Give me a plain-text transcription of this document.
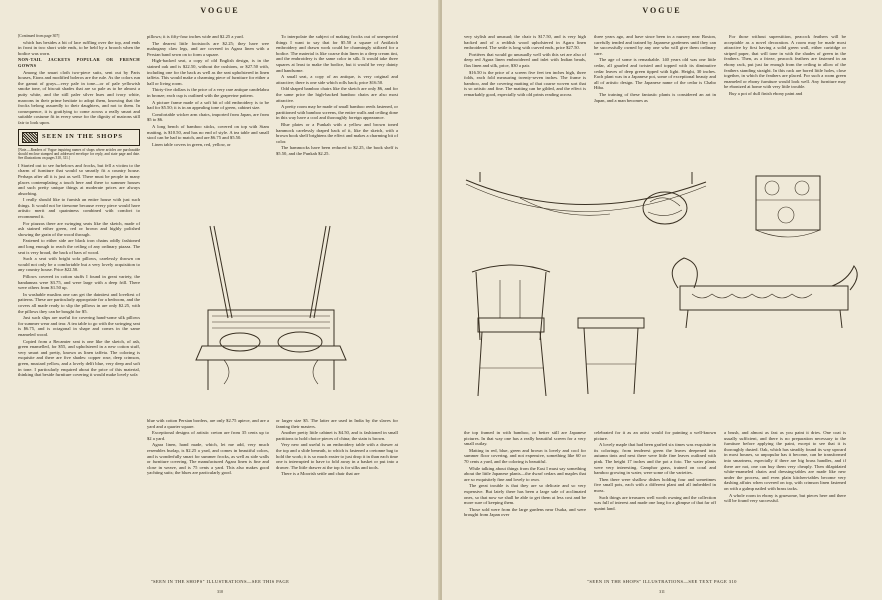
VOGUE
[Continued from page 307]

which has besides a bit of lace ruffling over the top, and ends in front in two short wide ends, to be held by a brooch when the bodice was worn.

NON-TAIL JACKETS POPULAR OR FRENCH GOWNS

Among the smart cloth two-piece suits, sent out by Paris houses, Etons and modified boleros are the rule. As the colors run the gamut of grays—very pale in tone—or of pale yellowish smoke tone, of biscuit shades that are so pale as to be almost a putty white, and the still paler silver hues and ivory white, maroons in their prime hesitate to adopt them, knowing that the frocks belong assuredly to their daughters, and not to them. In consequence, it is gratifying to come across a really smart and suitable costume fit in every sense for the dignity of matrons still fair to look upon.

SEEN IN THE SHOPS
[Note.—Readers of Vogue inquiring names of shops where articles are purchasable should enclose stamped and addressed envelope for reply, and state page and date. See illustrations on pages 310, 311.]

I Started out to see furbelows and frocks, but fell a victim to the charm of furniture that would so smartly fit a country house. Perhaps after all it is just as well. There must be people in many places contemplating a touch here and there to summer houses and such pretty unique things at moderate prices are always absorbing.

I really should like to furnish an entire house with just such things. It would not be tiresome because every piece would have artistic merit and quaintness combined with comfort to recommend it.

For piazzas there are swinging seats like the sketch, made of ash stained either green, red or brown and highly polished showing the grain of the wood through.

Fastened to either side are black iron chains oddly fashioned and long enough to reach the ceiling of any ordinary piazza. The seat is very broad, the back of bars of wood.

Such a seat with bright sofa pillows, carelessly thrown on would not only be a comfortable but a very lovely acquisition to any country house. Price $22.50.

Pillows covered in cotton stuffs I found in great variety, the bandannas were $3.75, and were large with a deep frill. There were others from $1.50 up.

In washable muslins one can get the daintiest and loveliest of patterns. These are particularly appropriate for a bedroom, and the covers all made ready to slip the pillows in are only $2.25, with the pillows they can be bought for $5.

Just such slips are useful for covering hand-some silk pillows for summer wear and tear. A tea table to go with the swinging seat is $6.75, and is octagonal in shape and comes in the same enameled wood.

Copied from a Recamier seat is one like the sketch, of ash, green enamelled, for $55, and upholstered in a new cotton stuff, very smart and pretty, known as linen taffeta. The coloring is exquisite and there are five shades: copper rose, deep crimson, green, mustard yellow, and a lovely delft blue, very deep and soft in tone. I particularly enquired about the price of this material, thinking that beside furniture covering it would make lovely sofa

pillows; it is fifty-four inches wide and $2.25 a yard.

The dearest little footstools are $2.25; they have wee mahogany claw legs, and are covered in Agara linen with a Persian band sewn on to form a square.

High-backed seat, a copy of old English design, is in the stained oak and is $22.50, without the cushions, or $27.50 with, including one for the back as well as the seat upholstered in linen taffeta. This would make a charming piece of furniture for either a hall or living room.

Thirty-five dollars is the price of a very rare antique candelabra in bronze; each cup is outlined with the grapevine pattern.

A picture frame made of a soft bit of old embroidery is to be had for $5.50; it is in an appealing tone of green, cabinet size.

Comfortable wicker arm chairs, imported from Japan, are from $5 to $6.

A long bench of bamboo sticks, covered on top with Siam matting, is $10.50, and has no end of style. A tea table and small stool can be had to match, and are $6.75 and $5.50.

Linen table covers in green, red, yellow, or

To interpolate the subject of making frocks out of unexpected things I want to say that for $5.50 a square of Antilatch embroidery and drawn work could be charmingly utilized for a bodice. The material is like coarse thin linen in a deep cream tint, and the embroidery is the same color in silk. It would take three squares at least to make the bodice, but it would be very dainty and handsome.

A small seat, a copy of an antique, is very original and attractive; there is one side which rolls back; price $16.50.

Odd shaped bamboo chairs like the sketch are only $6, and for the same price the high-backed bamboo chairs are also most attractive.

A pretty room may be made of small bamboo reeds fastened, or partitioned with bamboo screens, the entire walls and ceiling done in this way have a cool and thoroughly foreign appearance.

Blue plates or a Punkah with a yellow and brown toned hammock carelessly draped back of it, like the sketch, with a brown book shelf brightens the effect and makes a charming bit of color.

The hammocks have been reduced to $2.25, the book shelf is $5.50, and the Punkah $2.25.

blue with cotton Persian borders, are only $2.75 apiece, and are a yard and a quarter square.

Exceptional designs of artistic creton are from 35 cents up to $2 a yard.

Agara linen, hand made, which, let me add, very much resembles burlap, is $2.25 a yard, and comes in beautiful colors, and is wonderfully smart for summer frocks, as well as side walls or furniture covering. The manufactured Agara linen is fine and close in weave, and is 75 cents a yard. This also makes good yachting suits; the blues are particularly good.

or larger size $5. The latter are used in India by the slaves for fanning their masters.

Another pretty little cabinet is $4.50, and is fashioned in small partitions to hold choice pieces of china; the stain is brown.

Very new and useful is an embroidery table with a drawer at the top and a slide beneath, to which is fastened a cretonne bag to hold the work; it is so much easier to just drop it in than each time one is interrupted to have to fold away in a basket or put into a drawer. The little drawer at the top is for silks and tools.

There is a Moorish settle and chair that are

"SEEN IN THE SHOPS" ILLUSTRATIONS—SEE THIS PAGE
310
VOGUE

very stylish and unusual; the chair is $17.50, and is very high backed and of a reddish wood upholstered in Agara linen embroidered. The settle is long with curved ends, price $27.50.

Portières that would go unusually well with this set are also of deep red Agara linen embroidered and inlet with Indian beads, flax linen and silk, price, $30 a pair.

$16.50 is the price of a screen five feet ten inches high, three folds, each fold measuring twenty-seven inches. The frame is bamboo, and the covering matting of that coarse woven sort that is so artistic and fine. The matting can be gilded, and the effect is remarkably good, especially with old prints reading across

three years ago, and have since been in a nursery near Boston, carefully tended and trained by Japanese gardeners until they can be successfully owned by any one who will give them ordinary care.

The age of some is remarkable. 140 years old was one little cedar, all gnarled and twisted and topped with its diminutive cedar leaves of deep green tipped with light. Height, 30 inches. Each plant was in a Japanese pot, some of exceptional beauty and all of artistic design. The Japanese name of the cedar is Chabo Hiba.

The training of these fantastic plants is considered an art in Japan, and a man becomes as

For those without superstition, peacock feathers will be acceptable as a novel decoration. A room may be made most attractive by first having a solid green wall, either cartridge or striped paper, that will tone in with the shades of green in the feathers. Then, as a frieze, peacock feathers are fastened in an ebony rack, put just far enough from the ceiling to allow of the feathers standing straight. In this rack are bored little holes, close together, in which the feathers are placed. For such a room green enameled or ebony furniture would look well. Any furniture may be ebonized at home with very little trouble.

Buy a pot of dull finish ebony paint and

the top framed in with bamboo, or better still are Japanese pictures. In that way one has a really beautiful screen for a very small outlay.

Matting in red, blue, green and brown is lovely and cool for summer floor covering, and not expensive, something like 60 or 70 cents a yard, and the coloring is beautiful.

While talking about things from the East I must say something about the little Japanese plants—the dwarf cedars and maples that are so exquisitely fine and lovely to own.

The great trouble is that they are so delicate and so very expensive. But lately there has been a large sale of acclimated ones, so that now we shall be able to get them at less cost and be more sure of keeping them.

Those sold were from the large gardens near Osaka, and were brought from Japan over

celebrated for it as an artist would for painting a well-known picture.

A lovely maple that had been grafted six times was exquisite in its colorings; from tenderest green the leaves deepened into autumn tints and next there were little fine leaves outlined with pink. The height 17 inches and the pot a foto. The water plants were very interesting. Camphor grass, trained on coral and bamboo growing in water, were some of the varieties.

Then there were shallow dishes holding four and sometimes five small pots, each with a different plant and all imbedded in moss.

Such things are treasures well worth owning and the collection was full of interest and made one long for a glimpse of that far off quaint land.

a brush, and almost as fast as you paint it dries. One coat is usually sufficient, and there is no preparation necessary to the furniture before applying the paint, except to see that it is thoroughly dusted. Oak, which has steadily found its way upward in most houses, so unpopular has it become, can be transformed into smartness, especially if there are big brass handles, and if there are not, one can buy them very cheaply. Then dilapidated white-enameled chairs and dressing-tables are made like new under the process, and even plain kitchen-tables become very dashing affairs when covered on top, with crimson linen fastened on with a gulmp nailed with brass tacks.

A whole room in ebony is gruesome, but pieces here and there will be found very successful.

"SEEN IN THE SHOPS" ILLUSTRATIONS—SEE TEXT PAGE 310
311
